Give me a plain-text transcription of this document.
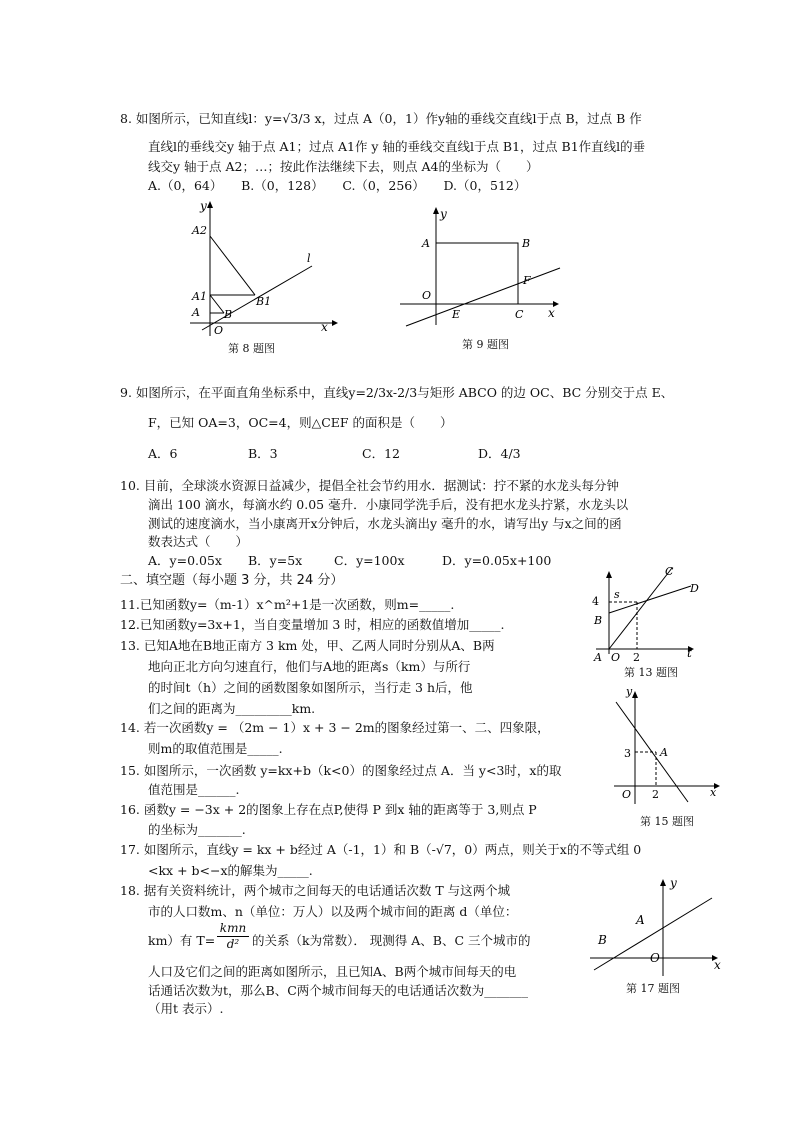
8. 如图所示，已知直线l：y=√3/3 x，过点 A（0，1）作y轴的垂线交直线l于点 B，过点 B 作
直线l的垂线交y 轴于点 A1；过点 A1作 y 轴的垂线交直线l于点 B1，过点 B1作直线l的垂
线交y 轴于点 A2；…；按此作法继续下去，则点 A4的坐标为（　　）
A.（0，64）　　B.（0，128）　　C.（0，256）　　D.（0，512）
y
x
O
A B
A1	B1
A2
l
第 8 题图
y
x
O
A	B
C
E
F
第 9 题图
9. 如图所示，在平面直角坐标系中，直线y=2/3x-2/3与矩形 ABCO 的边 OC、BC 分别交于点 E、
F，已知 OA=3，OC=4，则△CEF 的面积是（　　）
A．6	B．3	C．12	D．4/3
10. 目前，全球淡水资源日益减少，提倡全社会节约用水．据测试：拧不紧的水龙头每分钟
滴出 100 滴水，每滴水约 0.05 毫升．小康同学洗手后，没有把水龙头拧紧，水龙头以
测试的速度滴水，当小康离开x分钟后，水龙头滴出y 毫升的水，请写出y 与x之间的函
数表达式（　　）
A．y=0.05x B．y=5x	C．y=100x	D．y=0.05x+100
二、填空题（每小题 3 分，共 24 分）
11.已知函数y=（m-1）x^m²+1是一次函数，则m=_____.
12.已知函数y=3x+1，当自变量增加 3 时，相应的函数值增加_____.
13. 已知A地在B地正南方 3 km 处，甲、乙两人同时分别从A、B两
地向正北方向匀速直行，他们与A地的距离s（km）与所行
的时间t（h）之间的函数图象如图所示，当行走 3 h后，他
们之间的距离为_________km.
14. 若一次函数y = （2m − 1）x + 3 − 2m的图象经过第一、二、四象限，
则m的取值范围是_____.
15. 如图所示，一次函数 y=kx+b（k<0）的图象经过点 A．当 y<3时，x的取
值范围是______.
16. 函数y = −3x + 2的图象上存在点P,使得 P 到x 轴的距离等于 3,则点 P
的坐标为_______.
17. 如图所示，直线y = kx + b经过 A（-1，1）和 B（-√7，0）两点，则关于x的不等式组 0
<kx + b<−x的解集为_____.
18. 据有关资料统计，两个城市之间每天的电话通话次数 T 与这两个城
市的人口数m、n（单位：万人）以及两个城市间的距离 d（单位：
km）有 T=
kmn
d²	的关系（k为常数）． 现测得 A、B、C 三个城市的
人口及它们之间的距离如图所示，且已知A、B两个城市间每天的电
话通话次数为t，那么B、C两个城市间每天的电话通话次数为_______
（用t 表示）.
C
D
s
4
B
A O 2	t
第 13 题图
y
x
O
A
3
2
第 15 题图
y
x
O
A
B
第 17 题图
